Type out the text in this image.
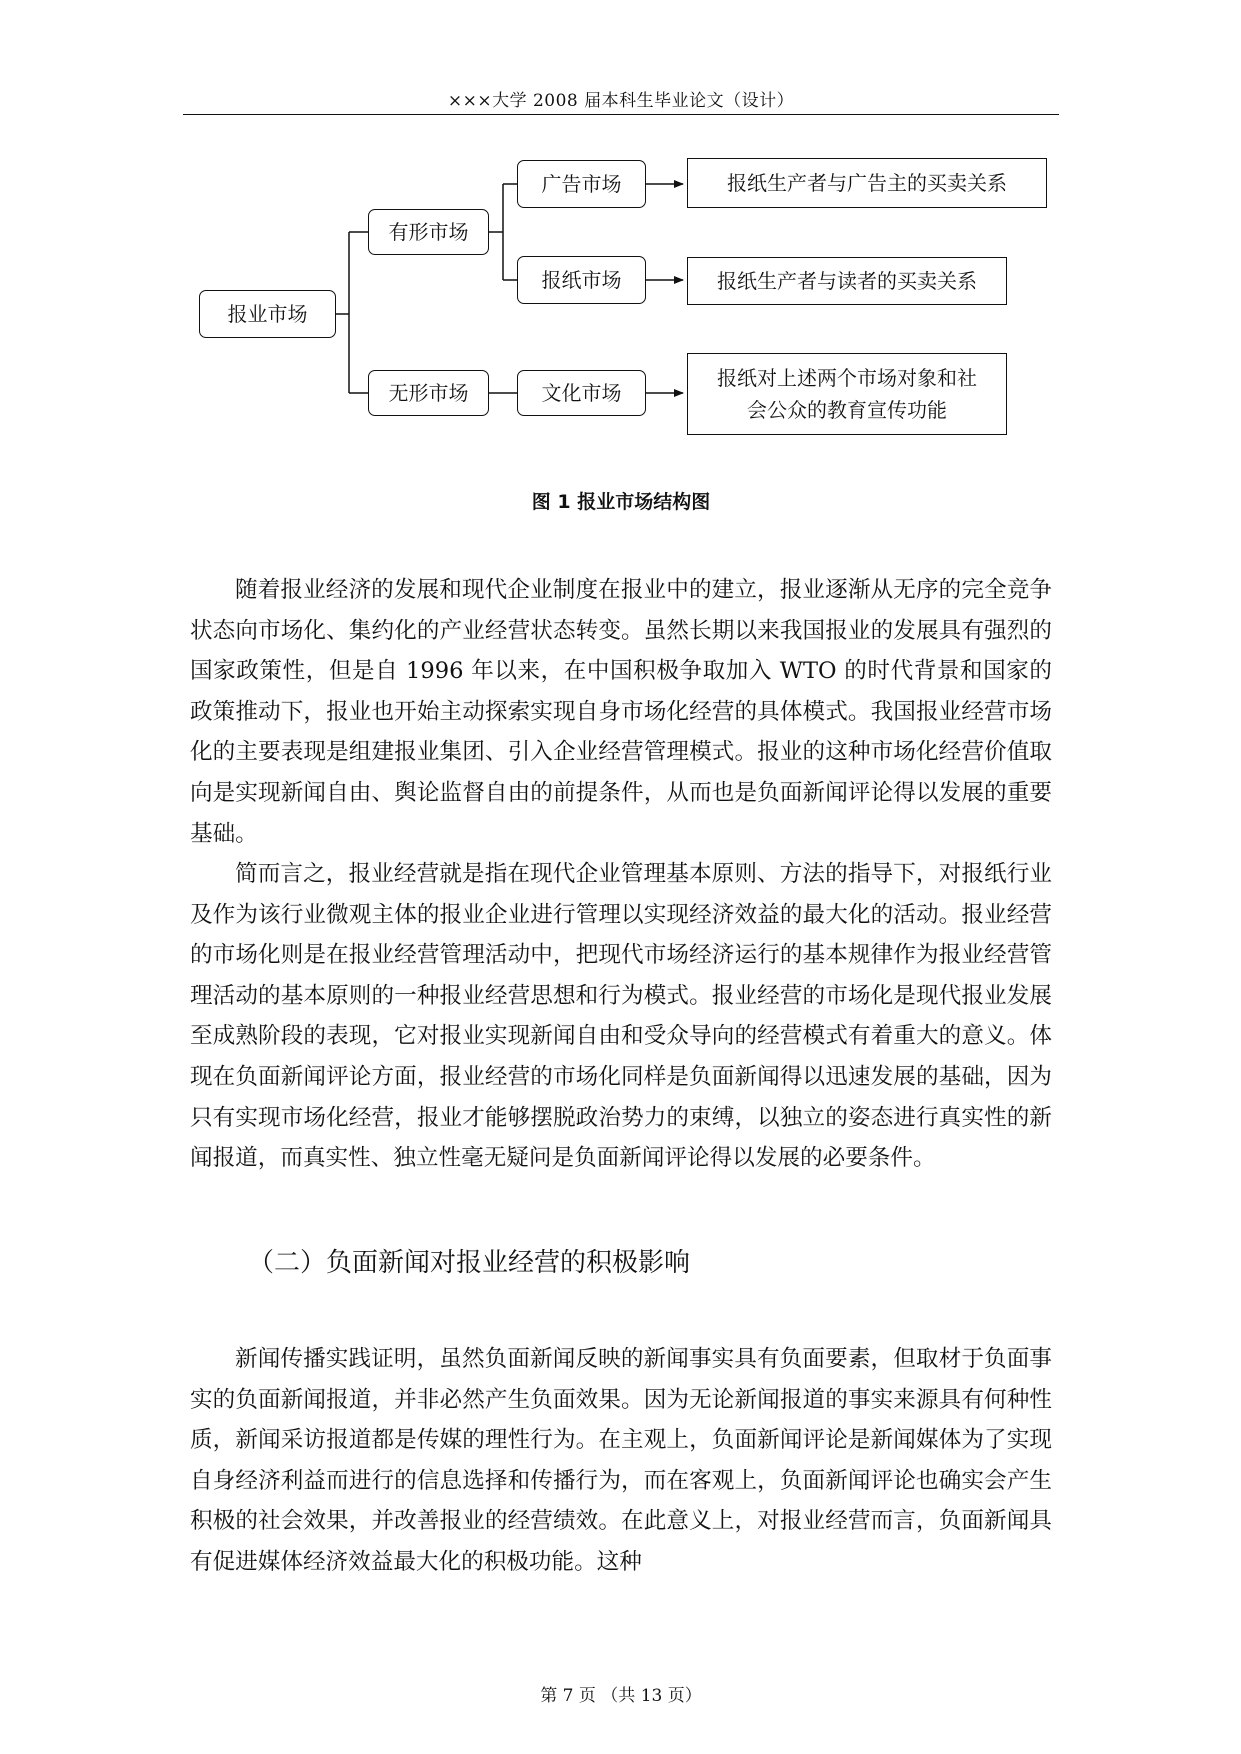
×××大学 2008 届本科生毕业论文（设计）
报业市场
有形市场
无形市场
广告市场
报纸市场
文化市场
报纸生产者与广告主的买卖关系
报纸生产者与读者的买卖关系
报纸对上述两个市场对象和社
会公众的教育宣传功能
图 1 报业市场结构图

随着报业经济的发展和现代企业制度在报业中的建立，报业逐渐从无序的完全竞争状态向市场化、集约化的产业经营状态转变。虽然长期以来我国报业的发展具有强烈的国家政策性，但是自 1996 年以来，在中国积极争取加入 WTO 的时代背景和国家的政策推动下，报业也开始主动探索实现自身市场化经营的具体模式。我国报业经营市场化的主要表现是组建报业集团、引入企业经营管理模式。报业的这种市场化经营价值取向是实现新闻自由、舆论监督自由的前提条件，从而也是负面新闻评论得以发展的重要基础。

简而言之，报业经营就是指在现代企业管理基本原则、方法的指导下，对报纸行业及作为该行业微观主体的报业企业进行管理以实现经济效益的最大化的活动。报业经营的市场化则是在报业经营管理活动中，把现代市场经济运行的基本规律作为报业经营管理活动的基本原则的一种报业经营思想和行为模式。报业经营的市场化是现代报业发展至成熟阶段的表现，它对报业实现新闻自由和受众导向的经营模式有着重大的意义。体现在负面新闻评论方面，报业经营的市场化同样是负面新闻得以迅速发展的基础，因为只有实现市场化经营，报业才能够摆脱政治势力的束缚，以独立的姿态进行真实性的新闻报道，而真实性、独立性毫无疑问是负面新闻评论得以发展的必要条件。

（二）负面新闻对报业经营的积极影响

新闻传播实践证明，虽然负面新闻反映的新闻事实具有负面要素，但取材于负面事实的负面新闻报道，并非必然产生负面效果。因为无论新闻报道的事实来源具有何种性质，新闻采访报道都是传媒的理性行为。在主观上，负面新闻评论是新闻媒体为了实现自身经济利益而进行的信息选择和传播行为，而在客观上，负面新闻评论也确实会产生积极的社会效果，并改善报业的经营绩效。在此意义上，对报业经营而言，负面新闻具有促进媒体经济效益最大化的积极功能。这种

第 7 页 （共 13 页）
